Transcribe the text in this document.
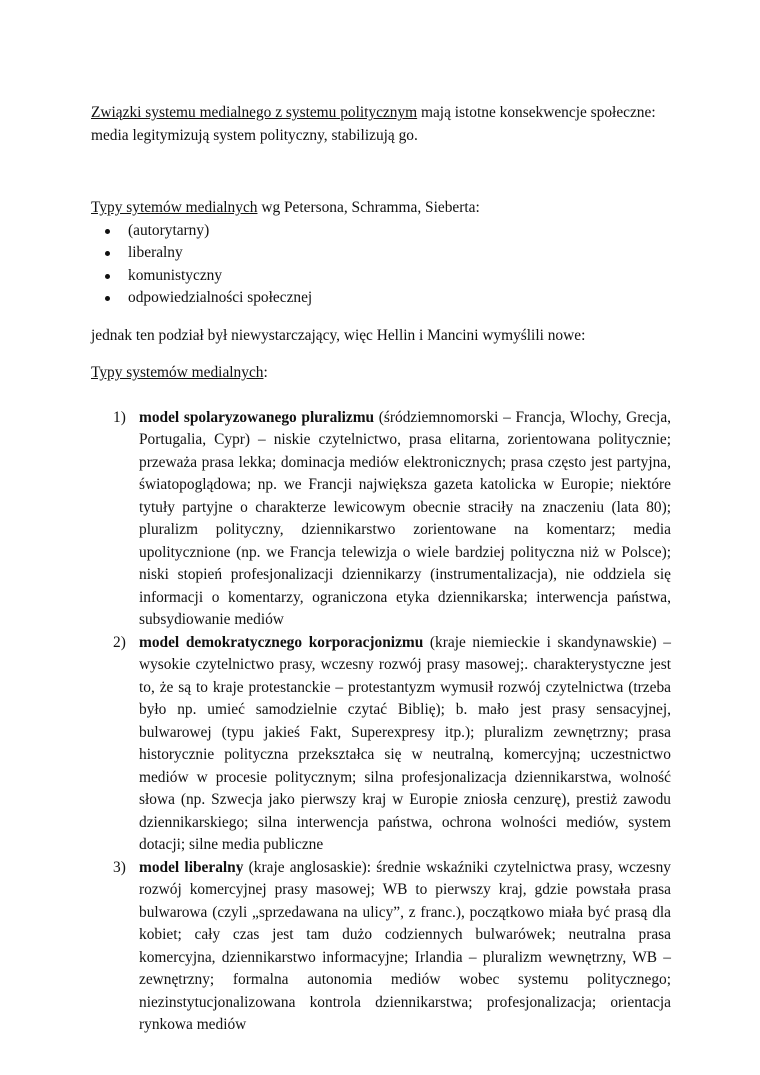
Związki systemu medialnego z systemu politycznym mają istotne konsekwencje społeczne: media legitymizują system polityczny, stabilizują go.

Typy sytemów medialnych wg Petersona, Schramma, Sieberta:

(autorytarny)
liberalny
komunistyczny
odpowiedzialności społecznej

jednak ten podział był niewystarczający, więc Hellin i Mancini wymyślili nowe:

Typy systemów medialnych:

1) model spolaryzowanego pluralizmu (śródziemnomorski – Francja, Wlochy, Grecja, Portugalia, Cypr) – niskie czytelnictwo, prasa elitarna, zorientowana politycznie; przeważa prasa lekka; dominacja mediów elektronicznych; prasa często jest partyjna, światopoglądowa; np. we Francji największa gazeta katolicka w Europie; niektóre tytuły partyjne o charakterze lewicowym obecnie straciły na znaczeniu (lata 80); pluralizm polityczny, dziennikarstwo zorientowane na komentarz; media upolitycznione (np. we Francja telewizja o wiele bardziej polityczna niż w Polsce); niski stopień profesjonalizacji dziennikarzy (instrumentalizacja), nie oddziela się informacji o komentarzy, ograniczona etyka dziennikarska; interwencja państwa, subsydiowanie mediów
2) model demokratycznego korporacjonizmu (kraje niemieckie i skandynawskie) – wysokie czytelnictwo prasy, wczesny rozwój prasy masowej;. charakterystyczne jest to, że są to kraje protestanckie – protestantyzm wymusił rozwój czytelnictwa (trzeba było np. umieć samodzielnie czytać Biblię); b. mało jest prasy sensacyjnej, bulwarowej (typu jakieś Fakt, Superexpresy itp.); pluralizm zewnętrzny; prasa historycznie polityczna przekształca się w neutralną, komercyjną; uczestnictwo mediów w procesie politycznym; silna profesjonalizacja dziennikarstwa, wolność słowa (np. Szwecja jako pierwszy kraj w Europie zniosła cenzurę), prestiż zawodu dziennikarskiego; silna interwencja państwa, ochrona wolności mediów, system dotacji; silne media publiczne
3) model liberalny (kraje anglosaskie): średnie wskaźniki czytelnictwa prasy, wczesny rozwój komercyjnej prasy masowej; WB to pierwszy kraj, gdzie powstała prasa bulwarowa (czyli „sprzedawana na ulicy”, z franc.), początkowo miała być prasą dla kobiet; cały czas jest tam dużo codziennych bulwarówek; neutralna prasa komercyjna, dziennikarstwo informacyjne; Irlandia – pluralizm wewnętrzny, WB – zewnętrzny; formalna autonomia mediów wobec systemu politycznego; niezinstytucjonalizowana kontrola dziennikarstwa; profesjonalizacja; orientacja rynkowa mediów
